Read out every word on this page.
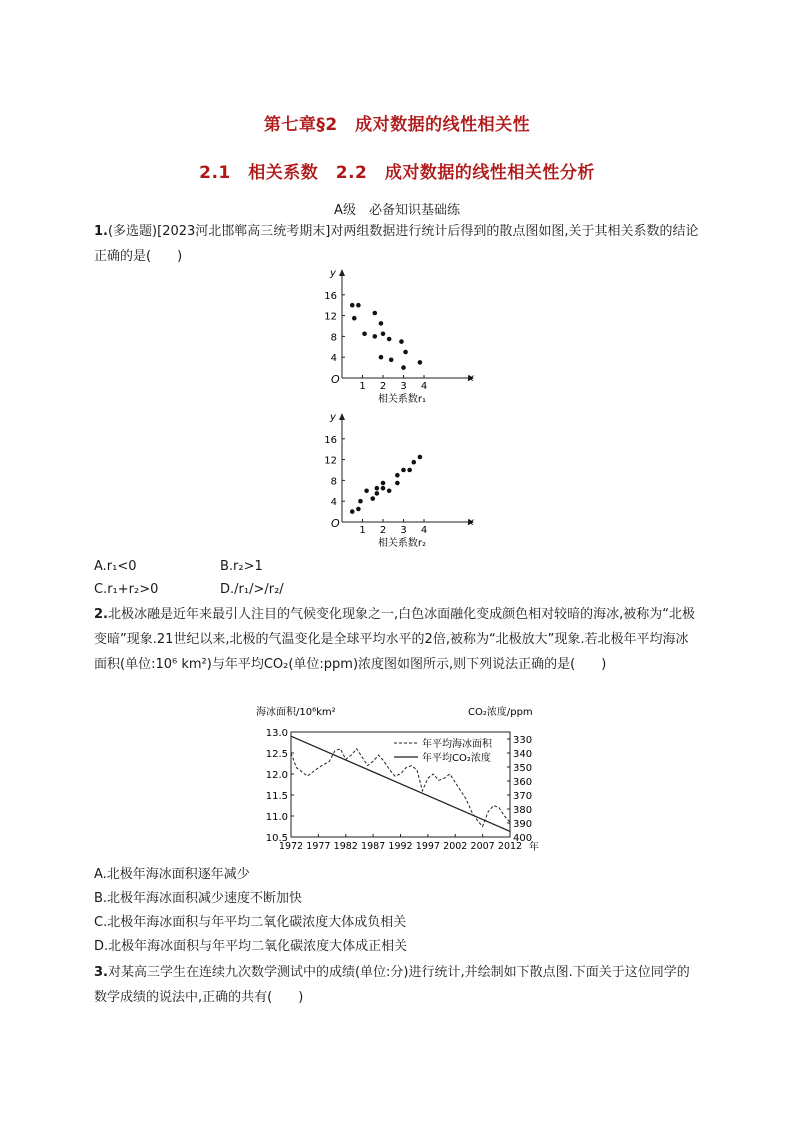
第七章§2　成对数据的线性相关性
2.1　相关系数　2.2　成对数据的线性相关性分析
A级　必备知识基础练
1.(多选题)[2023河北邯郸高三统考期末]对两组数据进行统计后得到的散点图如图,关于其相关系数的结论正确的是(　　)
x
y
O
1 2 3 4
4
8
12
16
相关系数r₁
x
y
O
1 2 3 4
4
8
12
16
相关系数r₂
A.r₁<0	B.r₂>1
C.r₁+r₂>0	D./r₁/>/r₂/
2.北极冰融是近年来最引人注目的气候变化现象之一,白色冰面融化变成颜色相对较暗的海冰,被称为“北极变暗”现象.21世纪以来,北极的气温变化是全球平均水平的2倍,被称为“北极放大”现象.若北极年平均海冰面积(单位:10⁶ km²)与年平均CO₂(单位:ppm)浓度图如图所示,则下列说法正确的是(　　)
海冰面积/10⁶km²	CO₂浓度/ppm
13.0
12.5
12.0
11.5
11.0
10.5
330
340
350
360
370
380
390
400
1972 1977 1982 1987 1992 1997 2002 2007 2012 年
年平均海冰面积
年平均CO₂浓度
A.北极年海冰面积逐年减少
B.北极年海冰面积减少速度不断加快
C.北极年海冰面积与年平均二氧化碳浓度大体成负相关
D.北极年海冰面积与年平均二氧化碳浓度大体成正相关
3.对某高三学生在连续九次数学测试中的成绩(单位:分)进行统计,并绘制如下散点图.下面关于这位同学的数学成绩的说法中,正确的共有(　　)
